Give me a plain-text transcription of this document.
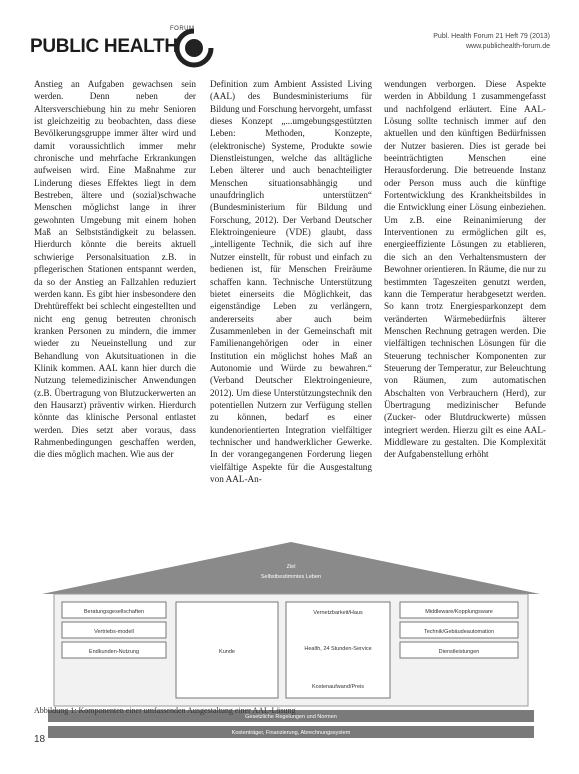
FORUM
PUBLIC HEALTH	Publ. Health Forum 21 Heft 79 (2013)
www.publichealth-forum.de

Anstieg an Aufgaben gewachsen sein werden. Denn neben der Altersverschiebung hin zu mehr Senioren ist gleichzeitig zu beobachten, dass diese Bevölkerungsgruppe immer älter wird und damit voraussichtlich immer mehr chronische und mehrfache Erkrankungen aufweisen wird. Eine Maßnahme zur Linderung dieses Effektes liegt in dem Bestreben, ältere und (sozial)schwache Menschen möglichst lange in ihrer gewohnten Umgebung mit einem hohen Maß an Selbstständigkeit zu belassen. Hierdurch könnte die bereits aktuell schwierige Personalsituation z.B. in pflegerischen Stationen entspannt werden, da so der Anstieg an Fallzahlen reduziert werden kann. Es gibt hier insbesondere den Drehtüreffekt bei schlecht eingestellten und nicht eng genug betreuten chronisch kranken Personen zu mindern, die immer wieder zu Neueinstellung und zur Behandlung von Akutsituationen in die Klinik kommen. AAL kann hier durch die Nutzung telemedizinischer Anwendungen (z.B. Übertragung von Blutzuckerwerten an den Hausarzt) präventiv wirken. Hierdurch könnte das klinische Personal entlastet werden. Dies setzt aber voraus, dass Rahmenbedingungen geschaffen werden, die dies möglich machen. Wie aus der

Definition zum Ambient Assisted Living (AAL) des Bundesministeriums für Bildung und Forschung hervorgeht, umfasst dieses Konzept „...umgebungsgestützten Leben: Methoden, Konzepte, (elektronische) Systeme, Produkte sowie Dienstleistungen, welche das alltägliche Leben älterer und auch benachteiligter Menschen situationsabhängig und unaufdringlich unterstützen“ (Bundesministerium für Bildung und Forschung, 2012). Der Verband Deutscher Elektroingenieure (VDE) glaubt, dass „intelligente Technik, die sich auf ihre Nutzer einstellt, für robust und einfach zu bedienen ist, für Menschen Freiräume schaffen kann. Technische Unterstützung bietet einerseits die Möglichkeit, das eigenständige Leben zu verlängern, andererseits aber auch beim Zusammenleben in der Gemeinschaft mit Familienangehörigen oder in einer Institution ein möglichst hohes Maß an Autonomie und Würde zu bewahren.“ (Verband Deutscher Elektroingenieure, 2012). Um diese Unterstützungstechnik den potentiellen Nutzern zur Verfügung stellen zu können, bedarf es einer kundenorientierten Integration vielfältiger technischer und handwerklicher Gewerke. In der vorangegangenen Forderung liegen vielfältige Aspekte für die Ausgestaltung von AAL-An-

wendungen verborgen. Diese Aspekte werden in Abbildung 1 zusammengefasst und nachfolgend erläutert. Eine AAL-Lösung sollte technisch immer auf den aktuellen und den künftigen Bedürfnissen der Nutzer basieren. Dies ist gerade bei beeinträchtigten Menschen eine Herausforderung. Die betreuende Instanz oder Person muss auch die künftige Fortentwicklung des Krankheitsbildes in die Entwicklung einer Lösung einbeziehen. Um z.B. eine Reinanimierung der Interventionen zu ermöglichen gilt es, energieeffiziente Lösungen zu etablieren, die sich an den Verhaltensmustern der Bewohner orientieren. In Räume, die nur zu bestimmten Tageszeiten genutzt werden, kann die Temperatur herabgesetzt werden. So kann trotz Energiesparkonzept dem veränderten Wärmebedürfnis älterer Menschen Rechnung getragen werden. Die vielfältigen technischen Lösungen für die Steuerung technischer Komponenten zur Steuerung der Temperatur, zur Beleuchtung von Räumen, zum automatischen Abschalten von Verbrauchern (Herd), zur Übertragung medizinischer Befunde (Zucker- oder Blutdruckwerte) müssen integriert werden. Hierzu gilt es eine AAL-Middleware zu gestalten. Die Komplexität der Aufgabenstellung erhöht

Ziel
Selbstbestimmtes Leben
Beratungsgesellschaften
Vertriebs-modell
Endkunden-Nutzung	Kunde
Vernetzbarkeit/Haus
Health, 24 Stunden-Service
Kostenaufwand/Preis
Middleware/Kopplungsware
Technik/Gebäudeautomation
Dienstleistungen
Gesetzliche Regelungen und Normen
Kostenträger, Finanzierung, Abrechnungssystem
Abbildung 1: Komponenten einer umfassenden Ausgestaltung einer AAL-Lösung
18
